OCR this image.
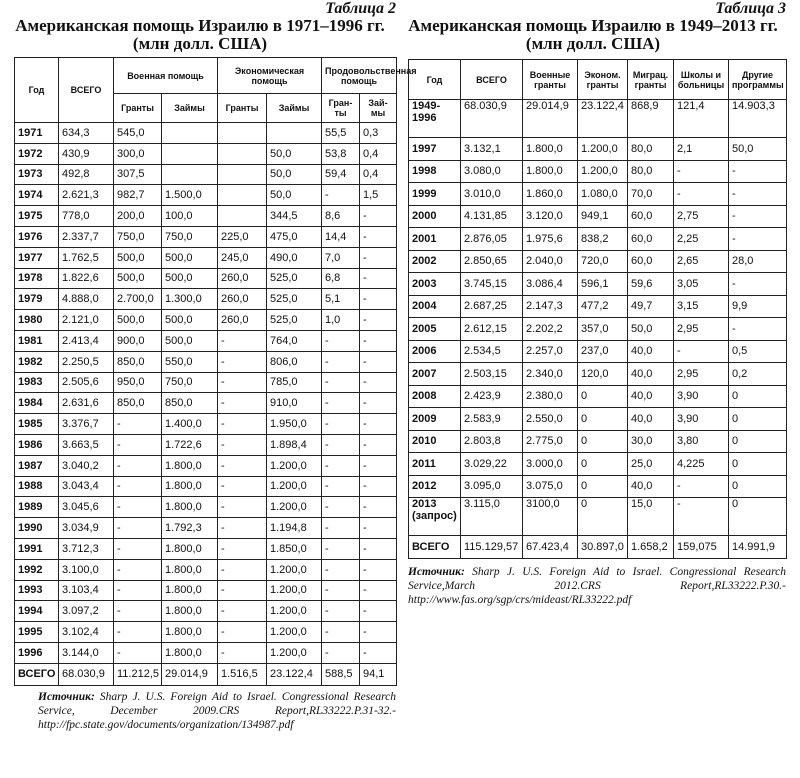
Таблица 2
Американская помощь Израилю в 1971–1996 гг. (млн долл. США)
Год	ВСЕГО	Военная помощь		Экономическая помощь		Продовольственная помощь	
		Гранты	Займы	Гранты	Займы	Гранты	Займы
1971	634,3	545,0				55,5	0,3
1972	430,9	300,0			50,0	53,8	0,4
1973	492,8	307,5			50,0	59,4	0,4
1974	2.621,3	982,7	1.500,0		50,0	-	1,5
1975	778,0	200,0	100,0		344,5	8,6	-
1976	2.337,7	750,0	750,0	225,0	475,0	14,4	-
1977	1.762,5	500,0	500,0	245,0	490,0	7,0	-
1978	1.822,6	500,0	500,0	260,0	525,0	6,8	-
1979	4.888,0	2.700,0	1.300,0	260,0	525,0	5,1	-
1980	2.121,0	500,0	500,0	260,0	525,0	1,0	-
1981	2.413,4	900,0	500,0	-	764,0	-	-
1982	2.250,5	850,0	550,0	-	806,0	-	-
1983	2.505,6	950,0	750,0	-	785,0	-	-
1984	2.631,6	850,0	850,0	-	910,0	-	-
1985	3.376,7	-	1.400,0	-	1.950,0	-	-
1986	3.663,5	-	1.722,6	-	1.898,4	-	-
1987	3.040,2	-	1.800,0	-	1.200,0	-	-
1988	3.043,4	-	1.800,0	-	1.200,0	-	-
1989	3.045,6	-	1.800,0	-	1.200,0	-	-
1990	3.034,9	-	1.792,3	-	1.194,8	-	-
1991	3.712,3	-	1.800,0	-	1.850,0	-	-
1992	3.100,0	-	1.800,0	-	1.200,0	-	-
1993	3.103,4	-	1.800,0	-	1.200,0	-	-
1994	3.097,2	-	1.800,0	-	1.200,0	-	-
1995	3.102,4	-	1.800,0	-	1.200,0	-	-
1996	3.144,0	-	1.800,0	-	1.200,0	-	-
ВСЕГО	68.030,9	11.212,5	29.014,9	1.516,5	23.122,4	588,5	94,1
Источник: Sharp J. U.S. Foreign Aid to Israel. Congressional Research Service, December 2009.CRS Report,RL33222.P.31-32.- http://fpc.state.gov/documents/organization/134987.pdf
Таблица 3
Американская помощь Израилю в 1949–2013 гг. (млн долл. США)
Год	ВСЕГО	Военные гранты	Эконом. гранты	Миграц. гранты	Школы и больницы	Другие программы
1949-1996	68.030,9	29.014,9	23.122,4	868,9	121,4	14.903,3
1997	3.132,1	1.800,0	1.200,0	80,0	2,1	50,0
1998	3.080,0	1.800,0	1.200,0	80,0	-	-
1999	3.010,0	1.860,0	1.080,0	70,0	-	-
2000	4.131,85	3.120,0	949,1	60,0	2,75	-
2001	2.876,05	1.975,6	838,2	60,0	2,25	-
2002	2.850,65	2.040,0	720,0	60,0	2,65	28,0
2003	3.745,15	3.086,4	596,1	59,6	3,05	-
2004	2.687,25	2.147,3	477,2	49,7	3,15	9,9
2005	2.612,15	2.202,2	357,0	50,0	2,95	-
2006	2.534,5	2.257,0	237,0	40,0	-	0,5
2007	2.503,15	2.340,0	120,0	40,0	2,95	0,2
2008	2.423,9	2.380,0	0	40,0	3,90	0
2009	2.583,9	2.550,0	0	40,0	3,90	0
2010	2.803,8	2.775,0	0	30,0	3,80	0
2011	3.029,22	3.000,0	0	25,0	4,225	0
2012	3.095,0	3.075,0	0	40,0	-	0
2013 (запрос)	3.115,0	3100,0	0	15,0	-	0
ВСЕГО	115.129,57	67.423,4	30.897,0	1.658,2	159,075	14.991,9
Источник: Sharp J. U.S. Foreign Aid to Israel. Congressional Research Service,March 2012.CRS Report,RL33222.P.30.- http://www.fas.org/sgp/crs/mideast/RL33222.pdf
